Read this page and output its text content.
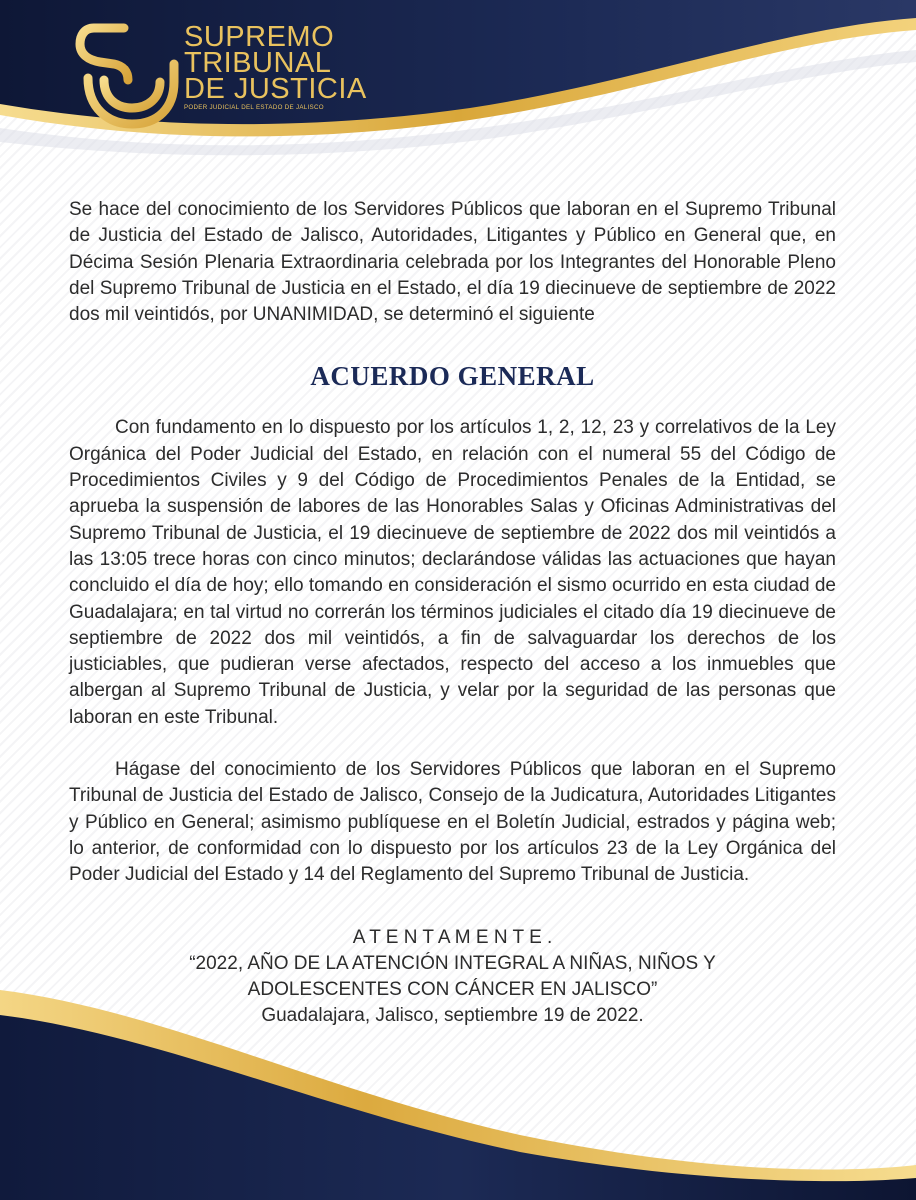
SUPREMO
TRIBUNAL
DE JUSTICIA
PODER JUDICIAL DEL ESTADO DE JALISCO

Se hace del conocimiento de los Servidores Públicos que laboran en el Supremo Tribunal de Justicia del Estado de Jalisco, Autoridades, Litigantes y Público en General que, en Décima Sesión Plenaria Extraordinaria celebrada por los Integrantes del Honorable Pleno del Supremo Tribunal de Justicia en el Estado, el día 19 diecinueve de septiembre de 2022 dos mil veintidós, por UNANIMIDAD, se determinó el siguiente

ACUERDO GENERAL

Con fundamento en lo dispuesto por los artículos 1, 2, 12, 23 y correlativos de la Ley Orgánica del Poder Judicial del Estado, en relación con el numeral 55 del Código de Procedimientos Civiles y 9 del Código de Procedimientos Penales de la Entidad, se aprueba la suspensión de labores de las Honorables Salas y Oficinas Administrativas del Supremo Tribunal de Justicia, el 19 diecinueve de septiembre de 2022 dos mil veintidós a las 13:05 trece horas con cinco minutos; declarándose válidas las actuaciones que hayan concluido el día de hoy; ello tomando en consideración el sismo ocurrido en esta ciudad de Guadalajara; en tal virtud no correrán los términos judiciales el citado día 19 diecinueve de septiembre de 2022 dos mil veintidós, a fin de salvaguardar los derechos de los justiciables, que pudieran verse afectados, respecto del acceso a los inmuebles que albergan al Supremo Tribunal de Justicia, y velar por la seguridad de las personas que laboran en este Tribunal.

Hágase del conocimiento de los Servidores Públicos que laboran en el Supremo Tribunal de Justicia del Estado de Jalisco, Consejo de la Judicatura, Autoridades Litigantes y Público en General; asimismo publíquese en el Boletín Judicial, estrados y página web; lo anterior, de conformidad con lo dispuesto por los artículos 23 de la Ley Orgánica del Poder Judicial del Estado y 14 del Reglamento del Supremo Tribunal de Justicia.

A T E N T A M E N T E .
“2022, AÑO DE LA ATENCIÓN INTEGRAL A NIÑAS, NIÑOS Y
ADOLESCENTES CON CÁNCER EN JALISCO”
Guadalajara, Jalisco, septiembre 19 de 2022.
